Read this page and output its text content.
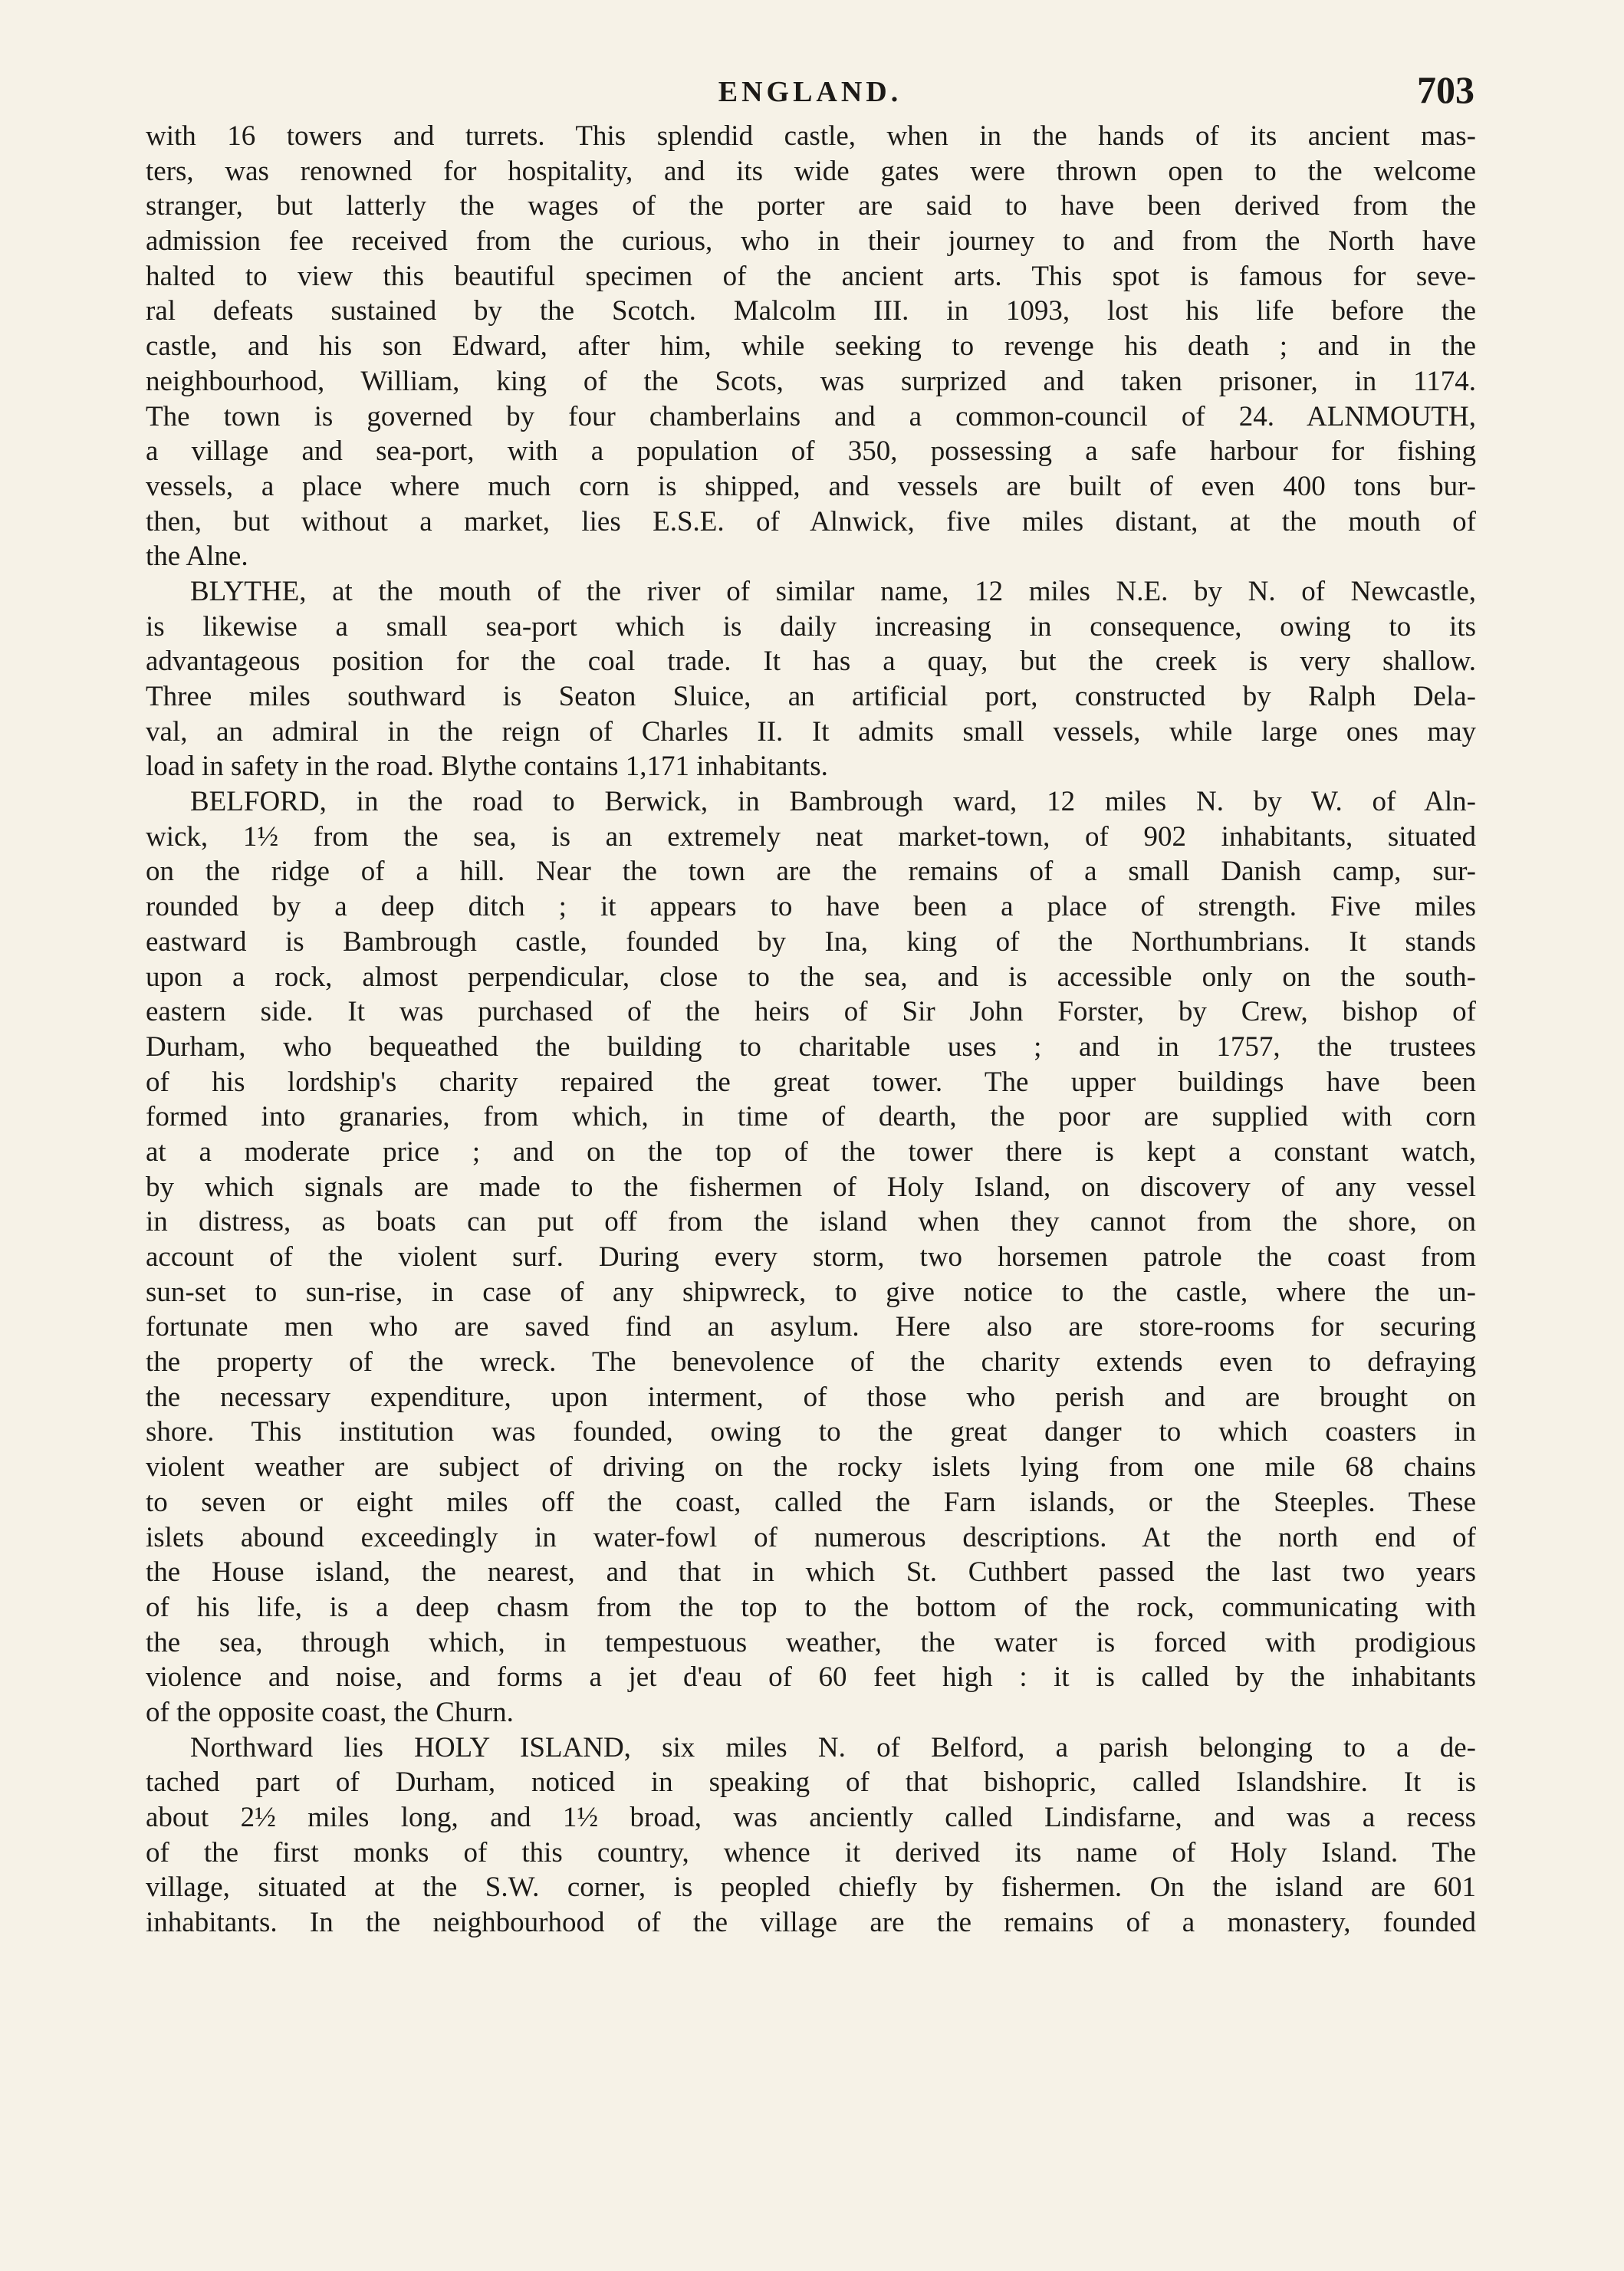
ENGLAND.	703
with 16 towers and turrets. This splendid castle, when in the hands of its ancient mas-
ters, was renowned for hospitality, and its wide gates were thrown open to the welcome
stranger, but latterly the wages of the porter are said to have been derived from the
admission fee received from the curious, who in their journey to and from the North have
halted to view this beautiful specimen of the ancient arts. This spot is famous for seve-
ral defeats sustained by the Scotch. Malcolm III. in 1093, lost his life before the
castle, and his son Edward, after him, while seeking to revenge his death ; and in the
neighbourhood, William, king of the Scots, was surprized and taken prisoner, in 1174.
The town is governed by four chamberlains and a common-council of 24. ALNMOUTH,
a village and sea-port, with a population of 350, possessing a safe harbour for fishing
vessels, a place where much corn is shipped, and vessels are built of even 400 tons bur-
then, but without a market, lies E.S.E. of Alnwick, five miles distant, at the mouth of
the Alne.
BLYTHE, at the mouth of the river of similar name, 12 miles N.E. by N. of Newcastle,
is likewise a small sea-port which is daily increasing in consequence, owing to its
advantageous position for the coal trade. It has a quay, but the creek is very shallow.
Three miles southward is Seaton Sluice, an artificial port, constructed by Ralph Dela-
val, an admiral in the reign of Charles II. It admits small vessels, while large ones may
load in safety in the road. Blythe contains 1,171 inhabitants.
BELFORD, in the road to Berwick, in Bambrough ward, 12 miles N. by W. of Aln-
wick, 1½ from the sea, is an extremely neat market-town, of 902 inhabitants, situated
on the ridge of a hill. Near the town are the remains of a small Danish camp, sur-
rounded by a deep ditch ; it appears to have been a place of strength. Five miles
eastward is Bambrough castle, founded by Ina, king of the Northumbrians. It stands
upon a rock, almost perpendicular, close to the sea, and is accessible only on the south-
eastern side. It was purchased of the heirs of Sir John Forster, by Crew, bishop of
Durham, who bequeathed the building to charitable uses ; and in 1757, the trustees
of his lordship's charity repaired the great tower. The upper buildings have been
formed into granaries, from which, in time of dearth, the poor are supplied with corn
at a moderate price ; and on the top of the tower there is kept a constant watch,
by which signals are made to the fishermen of Holy Island, on discovery of any vessel
in distress, as boats can put off from the island when they cannot from the shore, on
account of the violent surf. During every storm, two horsemen patrole the coast from
sun-set to sun-rise, in case of any shipwreck, to give notice to the castle, where the un-
fortunate men who are saved find an asylum. Here also are store-rooms for securing
the property of the wreck. The benevolence of the charity extends even to defraying
the necessary expenditure, upon interment, of those who perish and are brought on
shore. This institution was founded, owing to the great danger to which coasters in
violent weather are subject of driving on the rocky islets lying from one mile 68 chains
to seven or eight miles off the coast, called the Farn islands, or the Steeples. These
islets abound exceedingly in water-fowl of numerous descriptions. At the north end of
the House island, the nearest, and that in which St. Cuthbert passed the last two years
of his life, is a deep chasm from the top to the bottom of the rock, communicating with
the sea, through which, in tempestuous weather, the water is forced with prodigious
violence and noise, and forms a jet d'eau of 60 feet high : it is called by the inhabitants
of the opposite coast, the Churn.
Northward lies HOLY ISLAND, six miles N. of Belford, a parish belonging to a de-
tached part of Durham, noticed in speaking of that bishopric, called Islandshire. It is
about 2½ miles long, and 1½ broad, was anciently called Lindisfarne, and was a recess
of the first monks of this country, whence it derived its name of Holy Island. The
village, situated at the S.W. corner, is peopled chiefly by fishermen. On the island are 601
inhabitants. In the neighbourhood of the village are the remains of a monastery, founded
